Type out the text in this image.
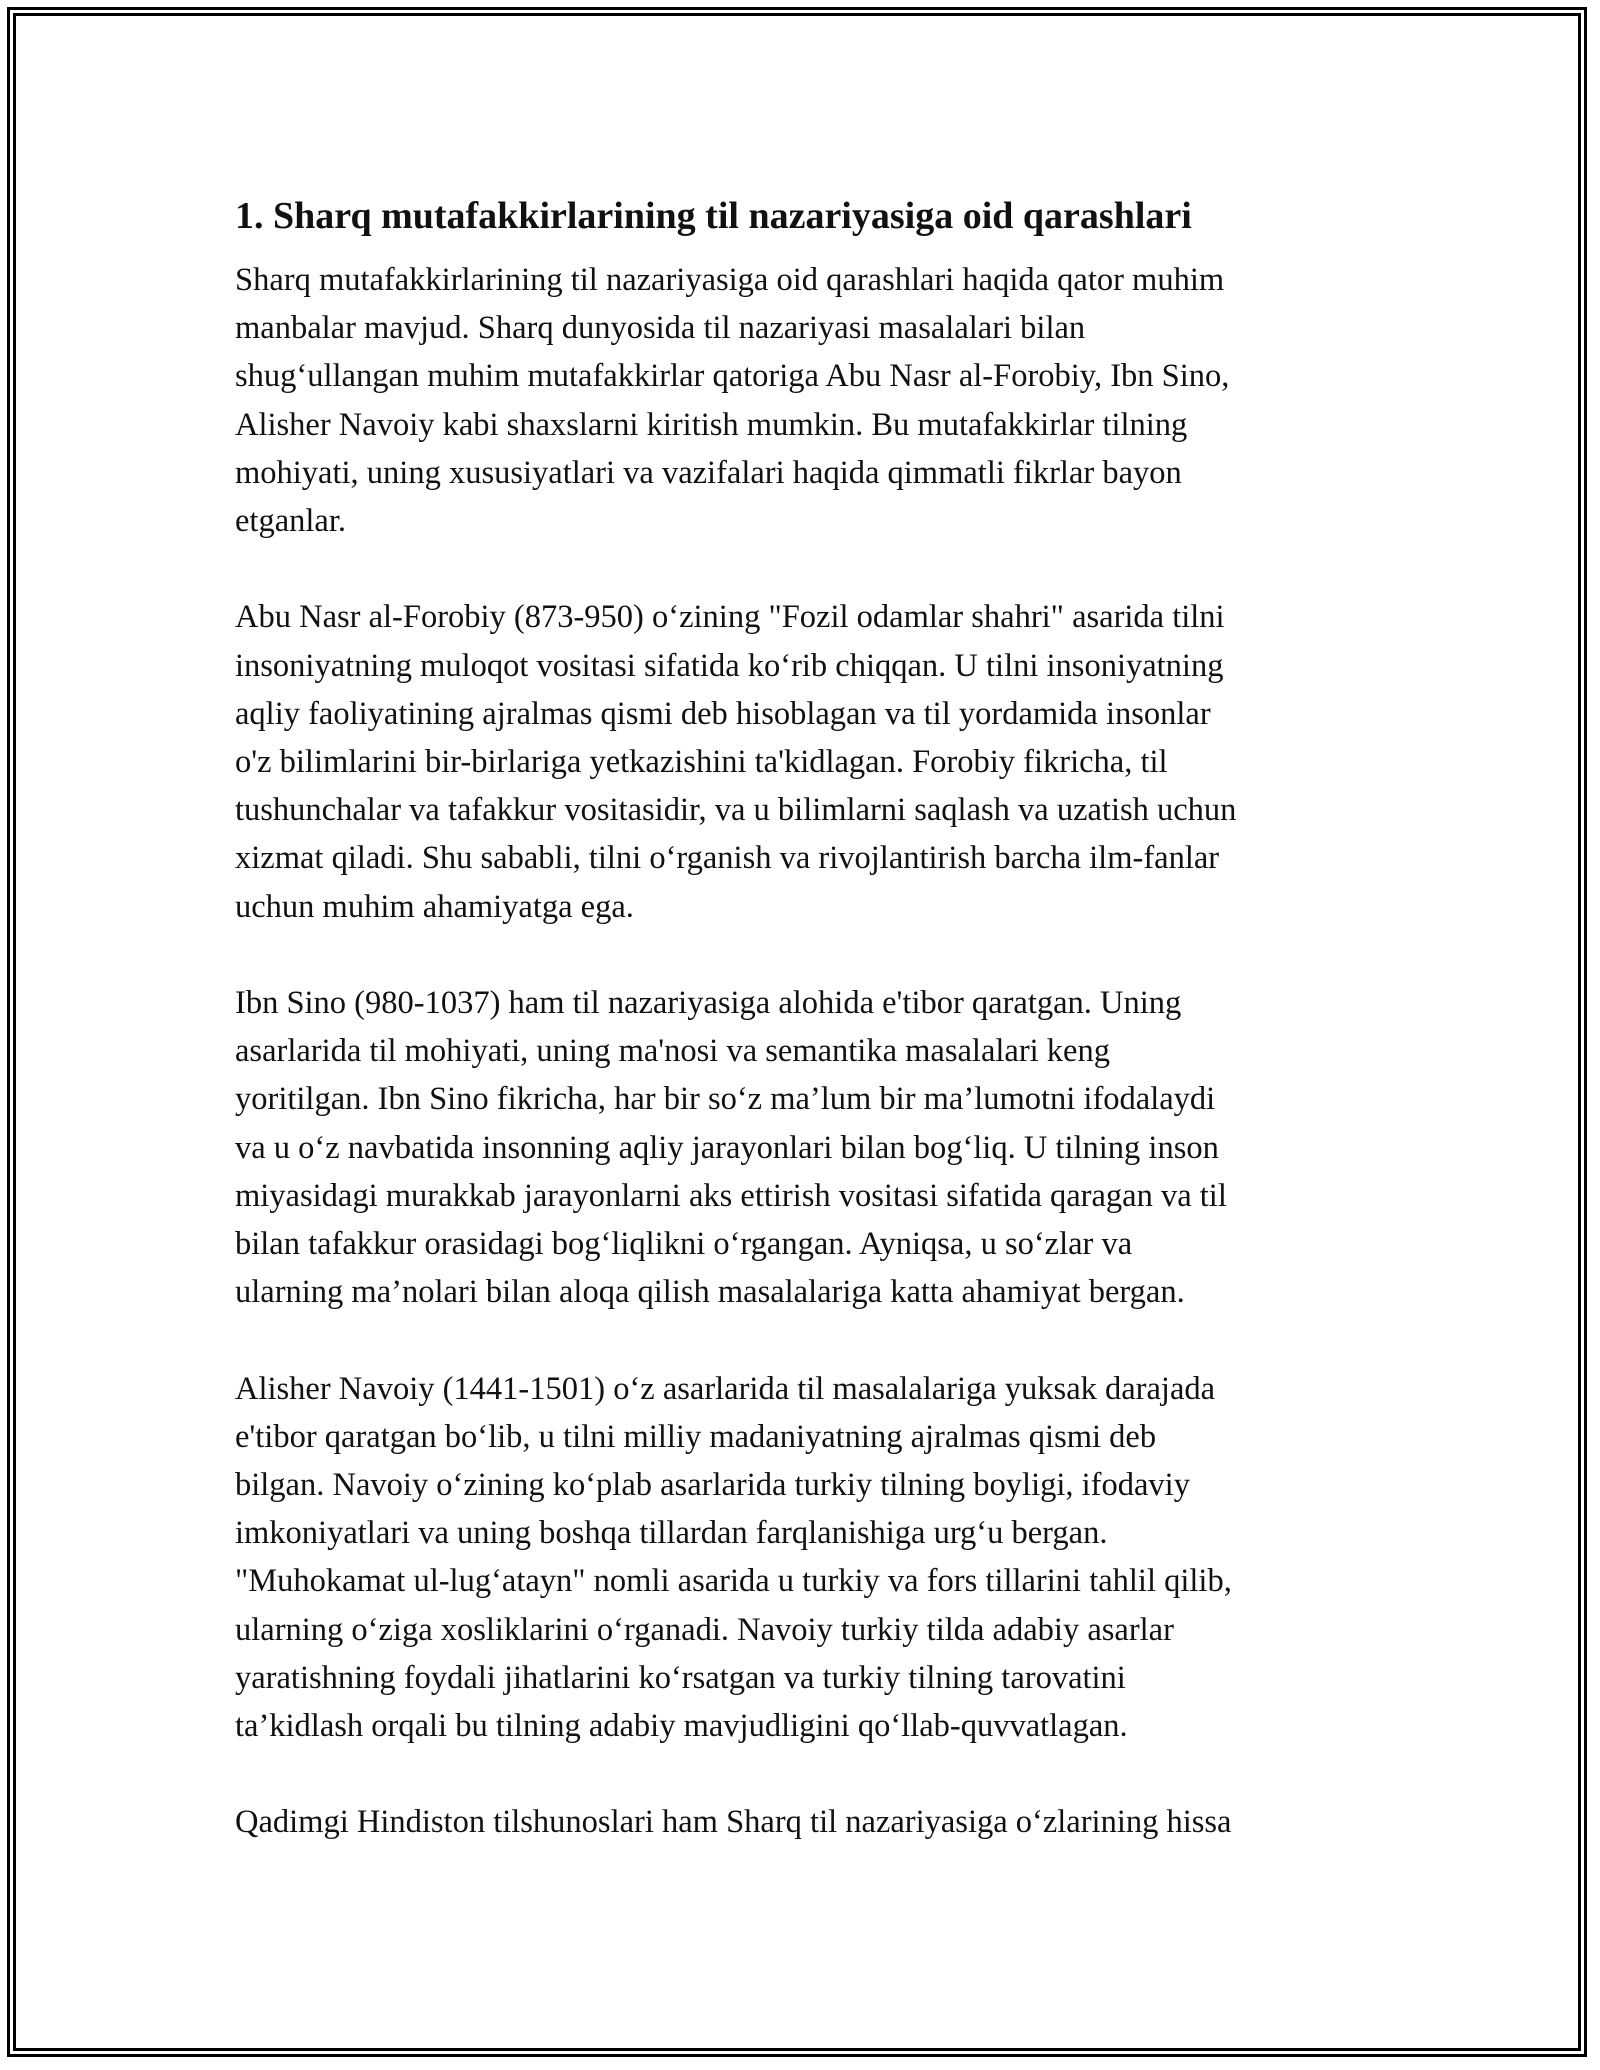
1. Sharq mutafakkirlarining til nazariyasiga oid qarashlari

Sharq mutafakkirlarining til nazariyasiga oid qarashlari haqida qator muhim
manbalar mavjud. Sharq dunyosida til nazariyasi masalalari bilan
shug‘ullangan muhim mutafakkirlar qatoriga Abu Nasr al-Forobiy, Ibn Sino,
Alisher Navoiy kabi shaxslarni kiritish mumkin. Bu mutafakkirlar tilning
mohiyati, uning xususiyatlari va vazifalari haqida qimmatli fikrlar bayon
etganlar.

Abu Nasr al-Forobiy (873-950) o‘zining "Fozil odamlar shahri" asarida tilni
insoniyatning muloqot vositasi sifatida ko‘rib chiqqan. U tilni insoniyatning
aqliy faoliyatining ajralmas qismi deb hisoblagan va til yordamida insonlar
o'z bilimlarini bir-birlariga yetkazishini ta'kidlagan. Forobiy fikricha, til
tushunchalar va tafakkur vositasidir, va u bilimlarni saqlash va uzatish uchun
xizmat qiladi. Shu sababli, tilni o‘rganish va rivojlantirish barcha ilm-fanlar
uchun muhim ahamiyatga ega.

Ibn Sino (980-1037) ham til nazariyasiga alohida e'tibor qaratgan. Uning
asarlarida til mohiyati, uning ma'nosi va semantika masalalari keng
yoritilgan. Ibn Sino fikricha, har bir so‘z ma’lum bir ma’lumotni ifodalaydi
va u o‘z navbatida insonning aqliy jarayonlari bilan bog‘liq. U tilning inson
miyasidagi murakkab jarayonlarni aks ettirish vositasi sifatida qaragan va til
bilan tafakkur orasidagi bog‘liqlikni o‘rgangan. Ayniqsa, u so‘zlar va
ularning ma’nolari bilan aloqa qilish masalalariga katta ahamiyat bergan.

Alisher Navoiy (1441-1501) o‘z asarlarida til masalalariga yuksak darajada
e'tibor qaratgan bo‘lib, u tilni milliy madaniyatning ajralmas qismi deb
bilgan. Navoiy o‘zining ko‘plab asarlarida turkiy tilning boyligi, ifodaviy
imkoniyatlari va uning boshqa tillardan farqlanishiga urg‘u bergan.
"Muhokamat ul-lug‘atayn" nomli asarida u turkiy va fors tillarini tahlil qilib,
ularning o‘ziga xosliklarini o‘rganadi. Navoiy turkiy tilda adabiy asarlar
yaratishning foydali jihatlarini ko‘rsatgan va turkiy tilning tarovatini
ta’kidlash orqali bu tilning adabiy mavjudligini qo‘llab-quvvatlagan.

Qadimgi Hindiston tilshunoslari ham Sharq til nazariyasiga o‘zlarining hissa
